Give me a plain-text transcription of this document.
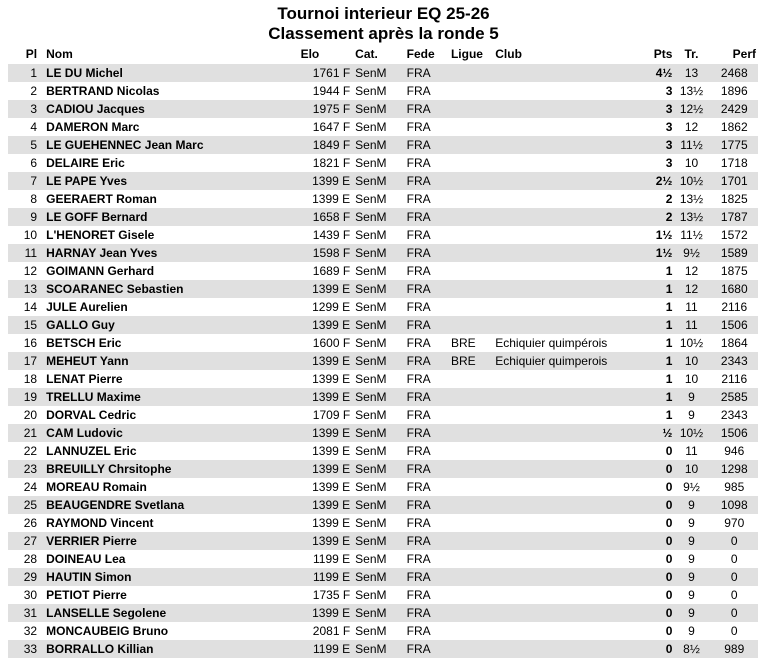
Tournoi interieur EQ 25-26
Classement après la ronde 5
Pl	Nom	Elo	Cat.	Fede	Ligue	Club	Pts	Tr.	Perf
1	LE DU Michel	1761 F	SenM	FRA			4½	13	2468
2	BERTRAND Nicolas	1944 F	SenM	FRA			3	13½	1896
3	CADIOU Jacques	1975 F	SenM	FRA			3	12½	2429
4	DAMERON Marc	1647 F	SenM	FRA			3	12	1862
5	LE GUEHENNEC Jean Marc	1849 F	SenM	FRA			3	11½	1775
6	DELAIRE Eric	1821 F	SenM	FRA			3	10	1718
7	LE PAPE Yves	1399 E	SenM	FRA			2½	10½	1701
8	GEERAERT Roman	1399 E	SenM	FRA			2	13½	1825
9	LE GOFF Bernard	1658 F	SenM	FRA			2	13½	1787
10	L'HENORET Gisele	1439 F	SenM	FRA			1½	11½	1572
11	HARNAY Jean Yves	1598 F	SenM	FRA			1½	9½	1589
12	GOIMANN Gerhard	1689 F	SenM	FRA			1	12	1875
13	SCOARANEC Sebastien	1399 E	SenM	FRA			1	12	1680
14	JULE Aurelien	1299 E	SenM	FRA			1	11	2116
15	GALLO Guy	1399 E	SenM	FRA			1	11	1506
16	BETSCH Eric	1600 F	SenM	FRA	BRE	Echiquier quimpérois	1	10½	1864
17	MEHEUT Yann	1399 E	SenM	FRA	BRE	Echiquier quimperois	1	10	2343
18	LENAT Pierre	1399 E	SenM	FRA			1	10	2116
19	TRELLU Maxime	1399 E	SenM	FRA			1	9	2585
20	DORVAL Cedric	1709 F	SenM	FRA			1	9	2343
21	CAM Ludovic	1399 E	SenM	FRA			½	10½	1506
22	LANNUZEL Eric	1399 E	SenM	FRA			0	11	946
23	BREUILLY Chrsitophe	1399 E	SenM	FRA			0	10	1298
24	MOREAU Romain	1399 E	SenM	FRA			0	9½	985
25	BEAUGENDRE Svetlana	1399 E	SenM	FRA			0	9	1098
26	RAYMOND Vincent	1399 E	SenM	FRA			0	9	970
27	VERRIER Pierre	1399 E	SenM	FRA			0	9	0
28	DOINEAU Lea	1199 E	SenM	FRA			0	9	0
29	HAUTIN Simon	1199 E	SenM	FRA			0	9	0
30	PETIOT Pierre	1735 F	SenM	FRA			0	9	0
31	LANSELLE Segolene	1399 E	SenM	FRA			0	9	0
32	MONCAUBEIG Bruno	2081 F	SenM	FRA			0	9	0
33	BORRALLO Killian	1199 E	SenM	FRA			0	8½	989
